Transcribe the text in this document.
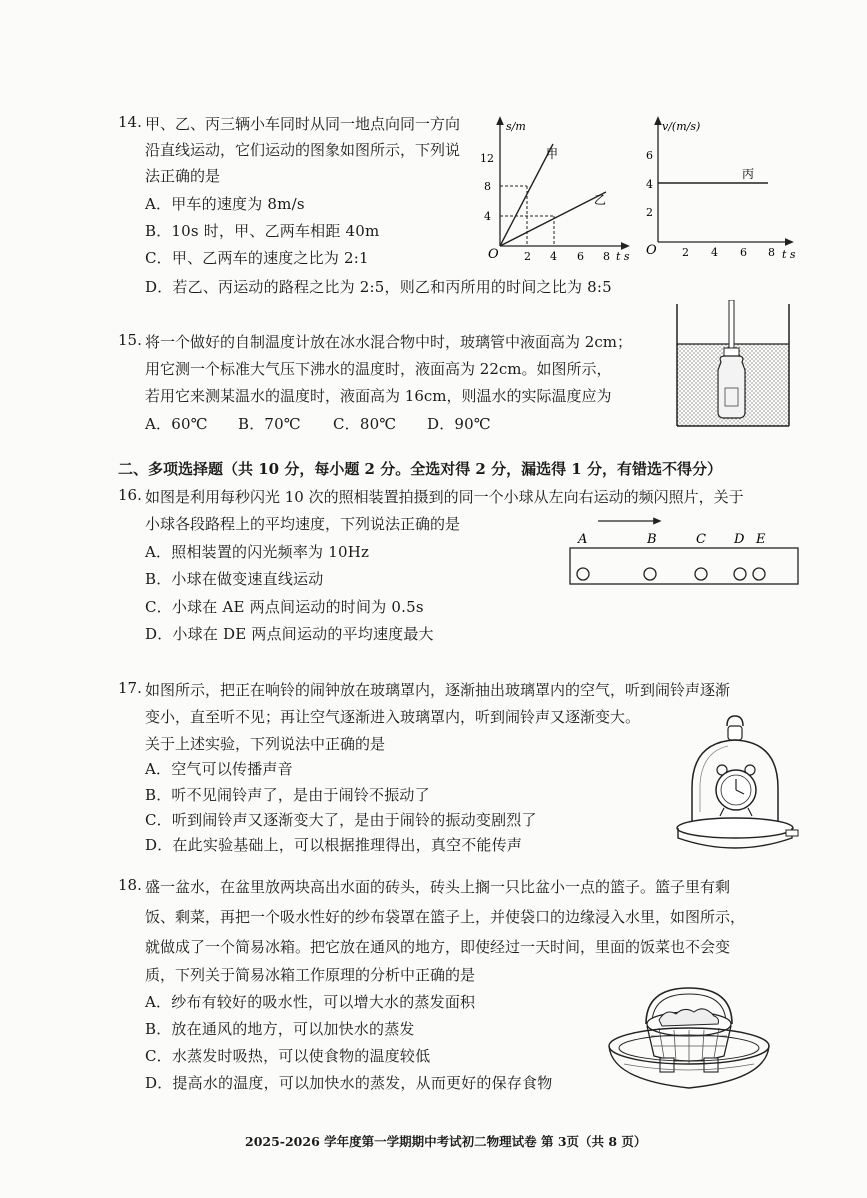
14. 甲、乙、丙三辆小车同时从同一地点向同一方向
沿直线运动，它们运动的图象如图所示，下列说
法正确的是
A．甲车的速度为 8m/s
B．10s 时，甲、乙两车相距 40m
C．甲、乙两车的速度之比为 2:1
D．若乙、丙运动的路程之比为 2:5，则乙和丙所用的时间之比为 8:5
s/m
t s
O
4
8
12
2 4 6 8
甲
乙
v/(m/s)
t s
O
2
4
6
2 4 6 8
丙
15. 将一个做好的自制温度计放在冰水混合物中时，玻璃管中液面高为 2cm；
用它测一个标准大气压下沸水的温度时，液面高为 22cm。如图所示，
若用它来测某温水的温度时，液面高为 16cm，则温水的实际温度应为
A．60℃ B．70℃ C．80℃ D．90℃
二、多项选择题（共 10 分，每小题 2 分。全选对得 2 分，漏选得 1 分，有错选不得分）
16. 如图是利用每秒闪光 10 次的照相装置拍摄到的同一个小球从左向右运动的频闪照片，关于
小球各段路程上的平均速度，下列说法正确的是
A．照相装置的闪光频率为 10Hz
B．小球在做变速直线运动
C．小球在 AE 两点间运动的时间为 0.5s
D．小球在 DE 两点间运动的平均速度最大
A	B	C D E
17. 如图所示，把正在响铃的闹钟放在玻璃罩内，逐渐抽出玻璃罩内的空气，听到闹铃声逐渐
变小，直至听不见；再让空气逐渐进入玻璃罩内，听到闹铃声又逐渐变大。
关于上述实验，下列说法中正确的是
A．空气可以传播声音
B．听不见闹铃声了，是由于闹铃不振动了
C．听到闹铃声又逐渐变大了，是由于闹铃的振动变剧烈了
D．在此实验基础上，可以根据推理得出，真空不能传声
18. 盛一盆水，在盆里放两块高出水面的砖头，砖头上搁一只比盆小一点的篮子。篮子里有剩
饭、剩菜，再把一个吸水性好的纱布袋罩在篮子上，并使袋口的边缘浸入水里，如图所示，
就做成了一个简易冰箱。把它放在通风的地方，即使经过一天时间，里面的饭菜也不会变
质，下列关于简易冰箱工作原理的分析中正确的是
A．纱布有较好的吸水性，可以增大水的蒸发面积
B．放在通风的地方，可以加快水的蒸发
C．水蒸发时吸热，可以使食物的温度较低
D．提高水的温度，可以加快水的蒸发，从而更好的保存食物
2025-2026 学年度第一学期期中考试初二物理试卷 第 3页（共 8 页）
